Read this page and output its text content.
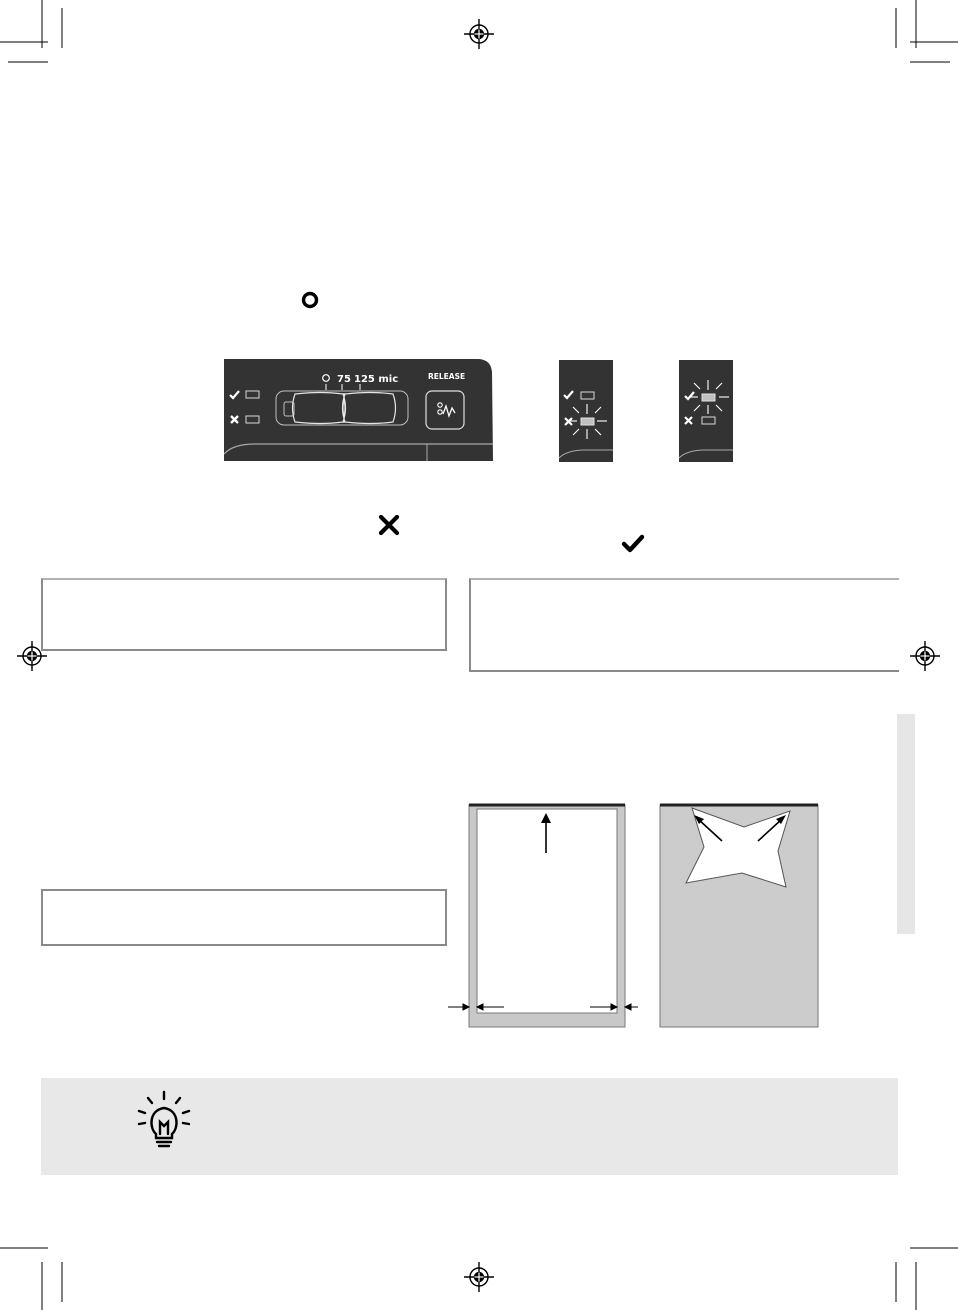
75 125 mic	RELEASE
